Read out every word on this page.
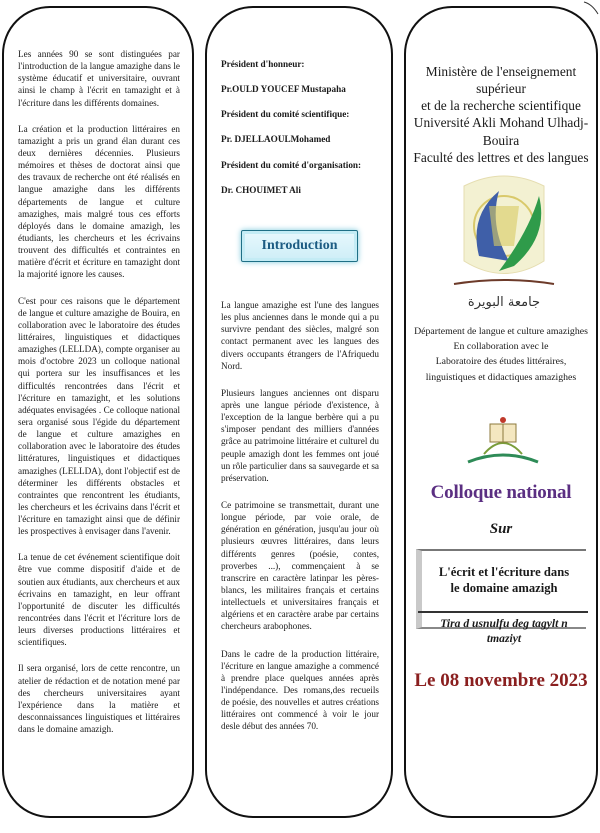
Les années 90 se sont distinguées par l'introduction de la langue amazighe dans le système éducatif et universitaire, ouvrant ainsi le champ à l'écrit en tamazight et à l'écriture dans les différents domaines.

La création et la production littéraires en tamazight a pris un grand élan durant ces deux dernières décennies. Plusieurs mémoires et thèses de doctorat ainsi que des travaux de recherche ont été réalisés en langue amazighe dans les différents départements de langue et culture amazighes, mais malgré tous ces efforts déployés dans le domaine amazigh, les étudiants, les chercheurs et les écrivains trouvent des difficultés et contraintes en matière d'écrit et écriture en tamazight dont la majorité ignore les causes.

C'est pour ces raisons que le département de langue et culture amazighe de Bouira, en collaboration avec le laboratoire des études littéraires, linguistiques et didactiques amazighes (LELLDA), compte organiser au mois d'octobre 2023 un colloque national qui portera sur les insuffisances et les difficultés rencontrées dans l'écrit et l'écriture en tamazight, et les solutions adéquates envisagées . Ce colloque national sera organisé sous l'égide du département de langue et culture amazighes en collaboration avec le laboratoire des études littératures, linguistiques et didactiques amazighes (LELLDA), dont l'objectif est de déterminer les différents obstacles et contraintes que rencontrent les étudiants, les chercheurs et les écrivains dans l'écrit et l'écriture en tamazight ainsi que de définir les prospectives à envisager dans l'avenir.

La tenue de cet événement scientifique doit être vue comme dispositif d'aide et de soutien aux étudiants, aux chercheurs et aux écrivains en tamazight, en leur offrant l'opportunité de discuter les difficultés rencontrées dans l'écrit et l'écriture lors de leurs diverses productions littéraires et scientifiques.

Il sera organisé, lors de cette rencontre, un atelier de rédaction et de notation mené par des chercheurs universitaires ayant l'expérience dans la matière et desconnaissances linguistiques et littéraires dans le domaine amazigh.

Président d'honneur:

Pr.OULD YOUCEF Mustapaha

Président du comité scientifique:

Pr. DJELLAOULMohamed

Président du comité d'organisation:

Dr. CHOUIMET Ali

Introduction

La langue amazighe est l'une des langues les plus anciennes dans le monde qui a pu survivre pendant des siècles, malgré son contact permanent avec les langues des divers occupants étrangers de l'Afriquedu Nord.

Plusieurs langues anciennes ont disparu après une langue période d'existence, à l'exception de la langue berbère qui a pu s'imposer pendant des milliers d'années grâce au patrimoine littéraire et culturel du peuple amazigh dont les femmes ont joué un rôle particulier dans sa sauvegarde et sa préservation.

Ce patrimoine se transmettait, durant une longue période, par voie orale, de génération en génération, jusqu'au jour où plusieurs œuvres littéraires, dans leurs différents genres (poésie, contes, proverbes ...), commençaient à se transcrire en caractère latinpar les pères-blancs, les militaires français et certains intellectuels et universitaires français et algériens et en caractère arabe par certains chercheurs arabophones.

Dans le cadre de la production littéraire, l'écriture en langue amazighe a commencé à prendre place quelques années après l'indépendance. Des romans,des recueils de poésie, des nouvelles et autres créations littéraires ont commencé à voir le jour desle début des années 70.

Ministère de l'enseignement supérieur
et de la recherche scientifique
Université Akli Mohand Ulhadj-
Bouira
Faculté des lettres et des langues
جامعة البويرة
Département de langue et culture amazighes
En collaboration avec le
Laboratoire des études littéraires,
linguistiques et didactiques amazighes
Colloque national
Sur
L'écrit et l'écriture dans
le domaine amazigh
Tira d usnulfu deg tagylt n tmaziyt
Le 08 novembre 2023
